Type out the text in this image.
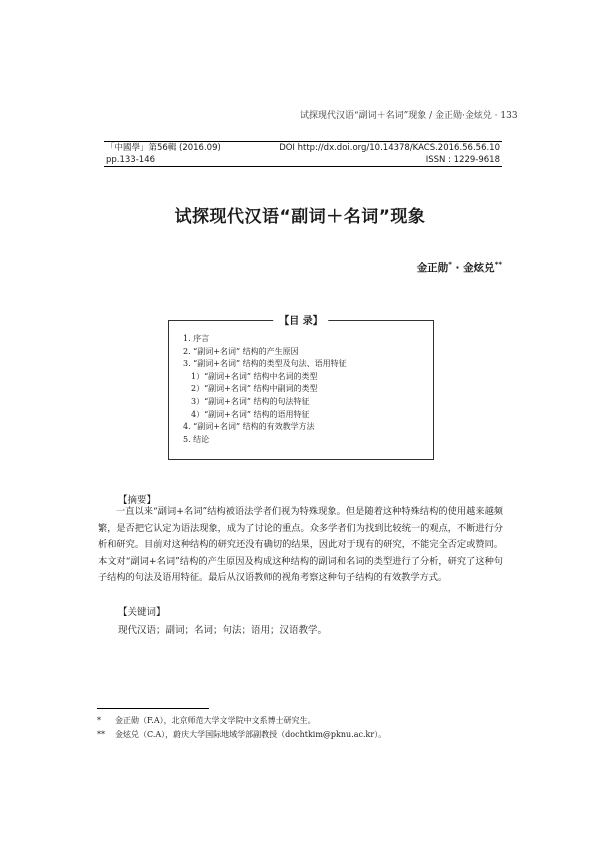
试探现代汉语“副词＋名词”现象 / 金正勋·金炫兑 · 133
「中國學」第56輯 (2016.09)
pp.133-146
DOI http://dx.doi.org/10.14378/KACS.2016.56.56.10
ISSN : 1229-9618
试探现代汉语“副词＋名词”现象
金正勋* · 金炫兑**
【目 录】
1. 序言
2. “副词+名词” 结构的产生原因
3. “副词+名词” 结构的类型及句法、语用特征
1）“副词+名词” 结构中名词的类型
2）“副词+名词” 结构中副词的类型
3）“副词+名词” 结构的句法特征
4）“副词+名词” 结构的语用特征
4. “副词+名词” 结构的有效教学方法
5. 结论
【摘要】
一直以来“副词+名词”结构被语法学者们视为特殊现象。但是随着这种特殊结构的使用越来越频繁，是否把它认定为语法现象，成为了讨论的重点。众多学者们为找到比较统一的观点，不断进行分析和研究。目前对这种结构的研究还没有确切的结果，因此对于现有的研究，不能完全否定或赞同。本文对“副词+名词”结构的产生原因及构成这种结构的副词和名词的类型进行了分析，研究了这种句子结构的句法及语用特征。最后从汉语教师的视角考察这种句子结构的有效教学方式。
【关键词】
现代汉语；副词；名词；句法；语用；汉语教学。
* 金正勋（F.A），北京师范大学文学院中文系博士研究生。
** 金炫兑（C.A），蔚庆大学国际地域学部副教授（dochtkim@pknu.ac.kr）。
